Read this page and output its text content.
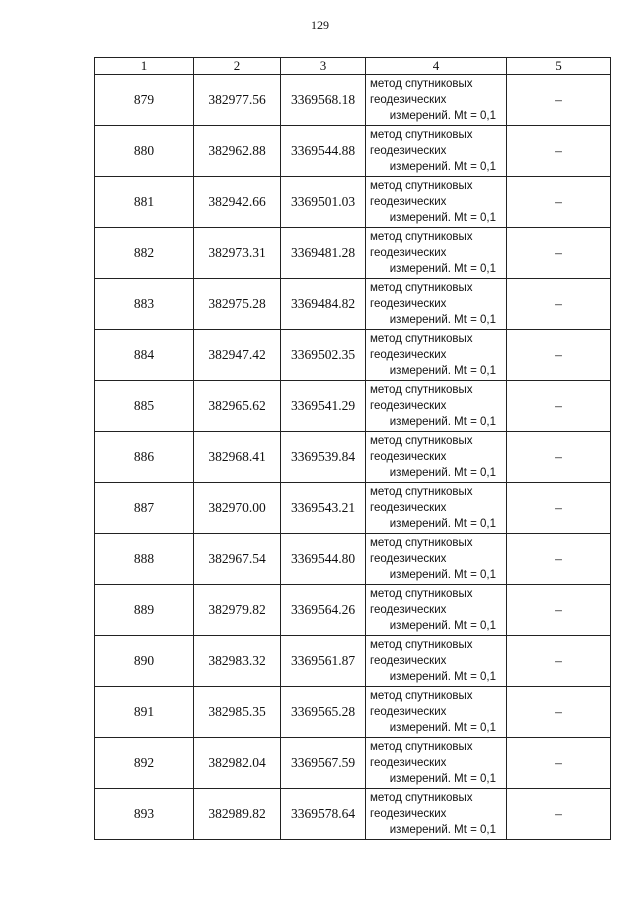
129
1	2	3	4	5
879	382977.56	3369568.18	метод спутниковых
геодезических
измерений. Mt = 0,1	–
880	382962.88	3369544.88	метод спутниковых
геодезических
измерений. Mt = 0,1	–
881	382942.66	3369501.03	метод спутниковых
геодезических
измерений. Mt = 0,1	–
882	382973.31	3369481.28	метод спутниковых
геодезических
измерений. Mt = 0,1	–
883	382975.28	3369484.82	метод спутниковых
геодезических
измерений. Mt = 0,1	–
884	382947.42	3369502.35	метод спутниковых
геодезических
измерений. Mt = 0,1	–
885	382965.62	3369541.29	метод спутниковых
геодезических
измерений. Mt = 0,1	–
886	382968.41	3369539.84	метод спутниковых
геодезических
измерений. Mt = 0,1	–
887	382970.00	3369543.21	метод спутниковых
геодезических
измерений. Mt = 0,1	–
888	382967.54	3369544.80	метод спутниковых
геодезических
измерений. Mt = 0,1	–
889	382979.82	3369564.26	метод спутниковых
геодезических
измерений. Mt = 0,1	–
890	382983.32	3369561.87	метод спутниковых
геодезических
измерений. Mt = 0,1	–
891	382985.35	3369565.28	метод спутниковых
геодезических
измерений. Mt = 0,1	–
892	382982.04	3369567.59	метод спутниковых
геодезических
измерений. Mt = 0,1	–
893	382989.82	3369578.64	метод спутниковых
геодезических
измерений. Mt = 0,1	–
